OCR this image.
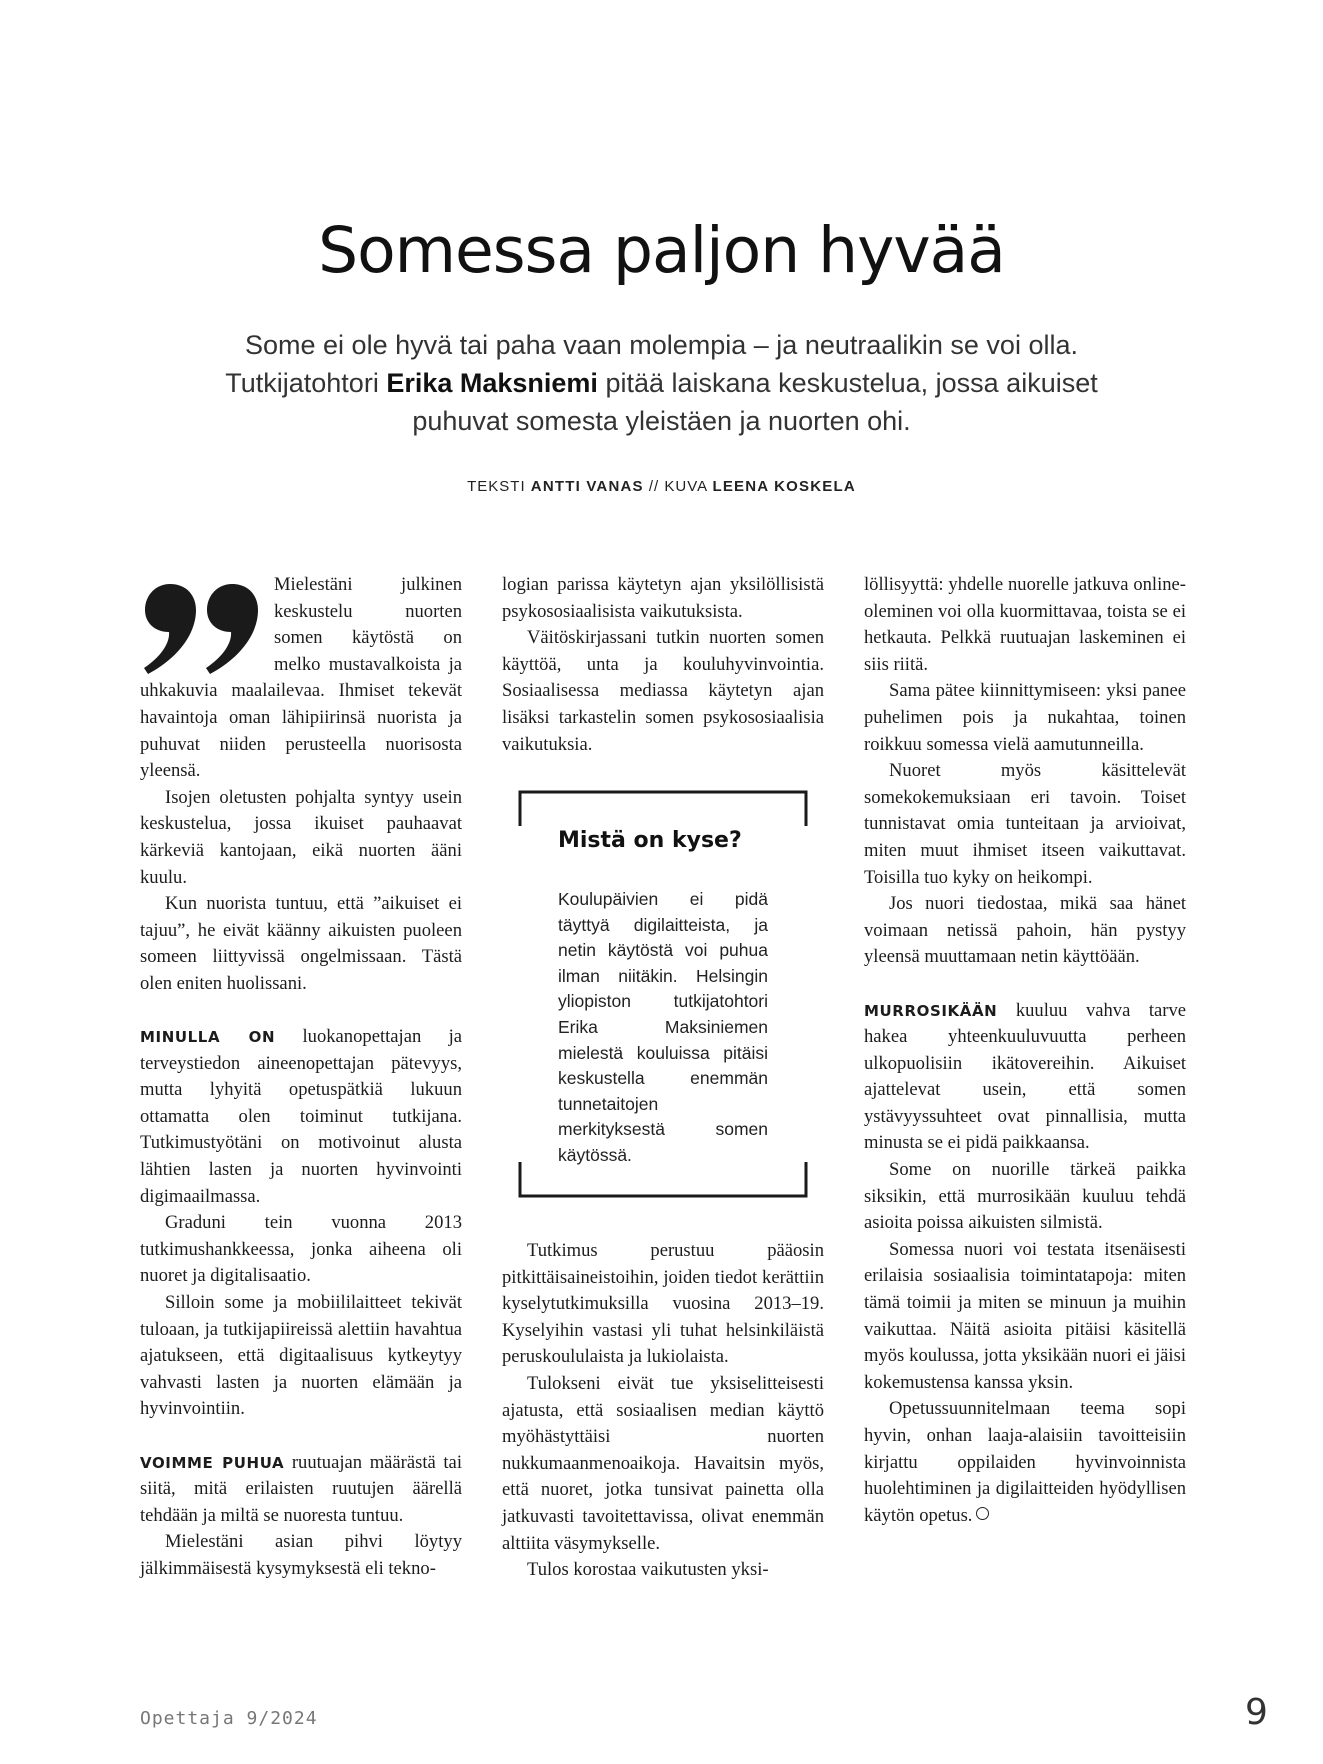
Somessa paljon hyvää

Some ei ole hyvä tai paha vaan molempia – ja neutraalikin se voi olla. Tutkijatohtori Erika Maksniemi pitää laiskana keskustelua, jossa aikuiset puhuvat somesta yleistäen ja nuorten ohi.

TEKSTI ANTTI VANAS // KUVA LEENA KOSKELA

Mielestäni julkinen keskustelu nuorten somen käytöstä on melko mustavalkoista ja uhkakuvia maalailevaa. Ihmiset tekevät havaintoja oman lähipiirinsä nuorista ja puhuvat niiden perusteella nuorisosta yleensä.

Isojen oletusten pohjalta syntyy usein keskustelua, jossa ikuiset pauhaavat kärkeviä kantojaan, eikä nuorten ääni kuulu.

Kun nuorista tuntuu, että ”aikuiset ei tajuu”, he eivät käänny aikuisten puoleen someen liittyvissä ongelmissaan. Tästä olen eniten huolissani.

MINULLA ON luokanopettajan ja terveystiedon aineenopettajan pätevyys, mutta lyhyitä opetuspätkiä lukuun ottamatta olen toiminut tutkijana. Tutkimustyötäni on motivoinut alusta lähtien lasten ja nuorten hyvinvointi digimaailmassa.

Graduni tein vuonna 2013 tutkimushankkeessa, jonka aiheena oli nuoret ja digitalisaatio.

Silloin some ja mobiililaitteet tekivät tuloaan, ja tutkijapiireissä alettiin havahtua ajatukseen, että digitaalisuus kytkeytyy vahvasti lasten ja nuorten elämään ja hyvinvointiin.

VOIMME PUHUA ruutuajan määrästä tai siitä, mitä erilaisten ruutujen äärellä tehdään ja miltä se nuoresta tuntuu.

Mielestäni asian pihvi löytyy jälkimmäisestä kysymyksestä eli tekno-

logian parissa käytetyn ajan yksilöllisistä psykososiaalisista vaikutuksista.

Väitöskirjassani tutkin nuorten somen käyttöä, unta ja kouluhyvinvointia. Sosiaalisessa mediassa käytetyn ajan lisäksi tarkastelin somen psykososiaalisia vaikutuksia.

Mistä on kyse?

Koulupäivien ei pidä täyttyä digilaitteista, ja netin käytöstä voi puhua ilman niitäkin. Helsingin yliopiston tutkijatohtori Erika Maksiniemen mielestä kouluissa pitäisi keskustella enemmän tunnetaitojen merkityksestä somen käytössä.

Tutkimus perustuu pääosin pitkittäisaineistoihin, joiden tiedot kerättiin kyselytutkimuksilla vuosina 2013–19. Kyselyihin vastasi yli tuhat helsinkiläistä peruskoululaista ja lukiolaista.

Tulokseni eivät tue yksiselitteisesti ajatusta, että sosiaalisen median käyttö myöhästyttäisi nuorten nukkumaanmenoaikoja. Havaitsin myös, että nuoret, jotka tunsivat painetta olla jatkuvasti tavoitettavissa, olivat enemmän alttiita väsymykselle.

Tulos korostaa vaikutusten yksi-

löllisyyttä: yhdelle nuorelle jatkuva online-oleminen voi olla kuormittavaa, toista se ei hetkauta. Pelkkä ruutuajan laskeminen ei siis riitä.

Sama pätee kiinnittymiseen: yksi panee puhelimen pois ja nukahtaa, toinen roikkuu somessa vielä aamutunneilla.

Nuoret myös käsittelevät somekokemuksiaan eri tavoin. Toiset tunnistavat omia tunteitaan ja arvioivat, miten muut ihmiset itseen vaikuttavat. Toisilla tuo kyky on heikompi.

Jos nuori tiedostaa, mikä saa hänet voimaan netissä pahoin, hän pystyy yleensä muuttamaan netin käyttöään.

MURROSIKÄÄN kuuluu vahva tarve hakea yhteenkuuluvuutta perheen ulkopuolisiin ikätovereihin. Aikuiset ajattelevat usein, että somen ystävyyssuhteet ovat pinnallisia, mutta minusta se ei pidä paikkaansa.

Some on nuorille tärkeä paikka siksikin, että murrosikään kuuluu tehdä asioita poissa aikuisten silmistä.

Somessa nuori voi testata itsenäisesti erilaisia sosiaalisia toimintatapoja: miten tämä toimii ja miten se minuun ja muihin vaikuttaa. Näitä asioita pitäisi käsitellä myös koulussa, jotta yksikään nuori ei jäisi kokemustensa kanssa yksin.

Opetussuunnitelmaan teema sopi hyvin, onhan laaja-alaisiin tavoitteisiin kirjattu oppilaiden hyvinvoinnista huolehtiminen ja digilaitteiden hyödyllisen käytön opetus.

Opettaja 9/2024	9
